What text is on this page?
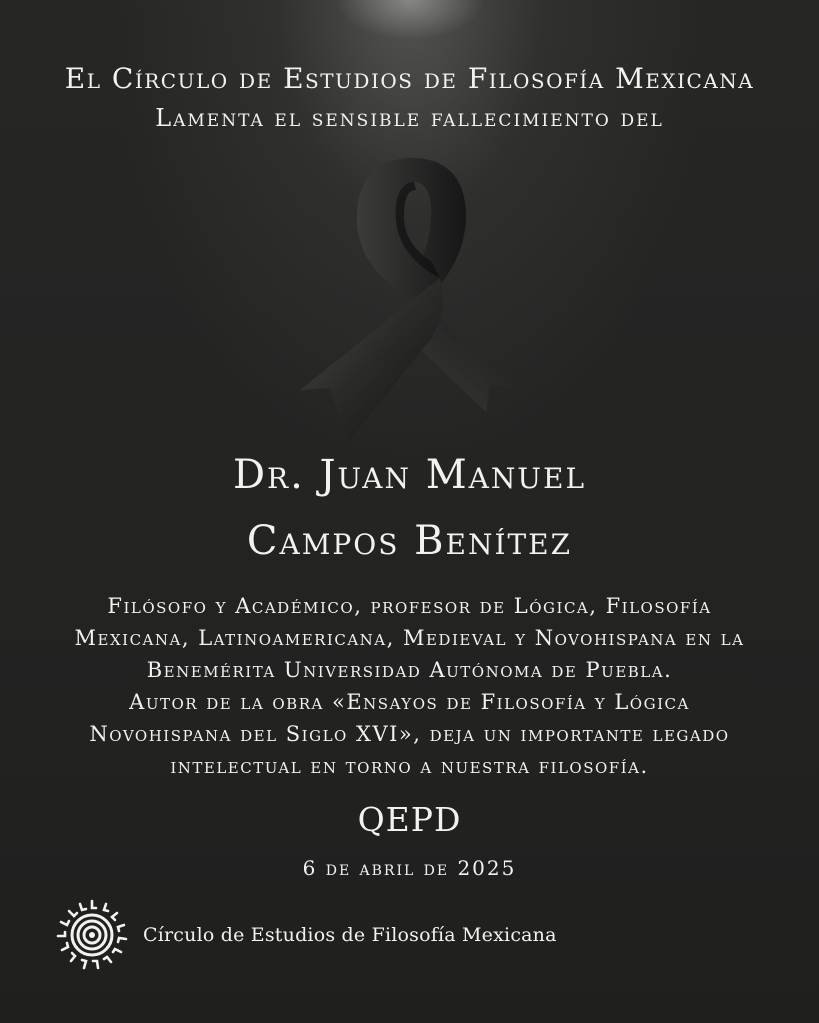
El Círculo de Estudios de Filosofía Mexicana
Lamenta el sensible fallecimiento del
Dr. Juan Manuel
Campos Benítez
Filósofo y Académico, profesor de Lógica, Filosofía
Mexicana, Latinoamericana, Medieval y Novohispana en la
Benemérita Universidad Autónoma de Puebla.
Autor de la obra «Ensayos de Filosofía y Lógica
Novohispana del Siglo XVI», deja un importante legado
intelectual en torno a nuestra filosofía.
QEPD
6 de abril de 2025
Círculo de Estudios de Filosofía Mexicana
